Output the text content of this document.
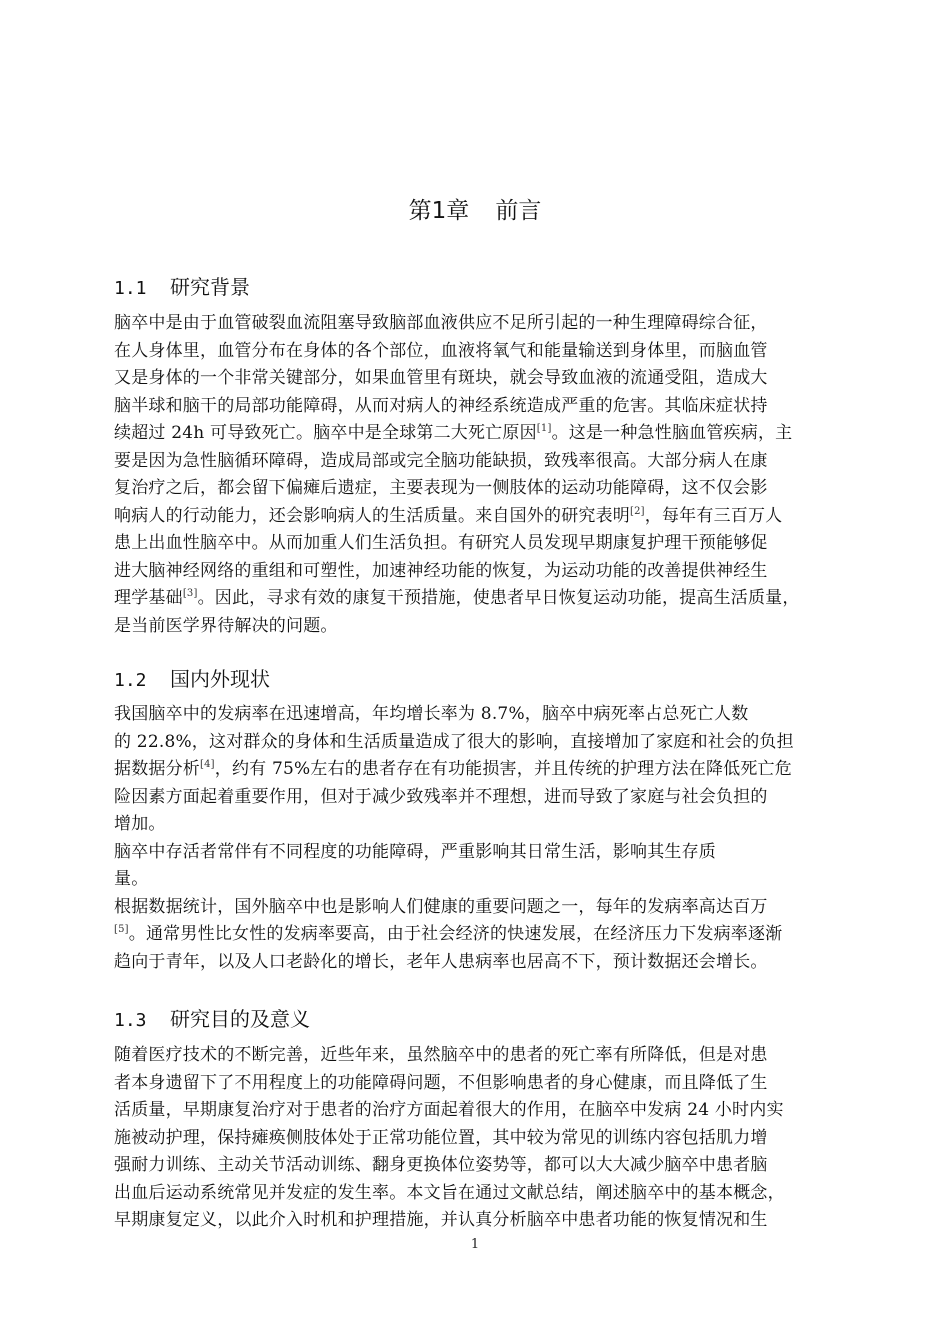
第1章 前言
1.1 研究背景
脑卒中是由于血管破裂血流阻塞导致脑部血液供应不足所引起的一种生理障碍综合征，
在人身体里，血管分布在身体的各个部位，血液将氧气和能量输送到身体里，而脑血管
又是身体的一个非常关键部分，如果血管里有斑块，就会导致血液的流通受阻，造成大
脑半球和脑干的局部功能障碍，从而对病人的神经系统造成严重的危害。其临床症状持
续超过 24h 可导致死亡。脑卒中是全球第二大死亡原因[1]。这是一种急性脑血管疾病，主
要是因为急性脑循环障碍，造成局部或完全脑功能缺损，致残率很高。大部分病人在康
复治疗之后，都会留下偏瘫后遗症，主要表现为一侧肢体的运动功能障碍，这不仅会影
响病人的行动能力，还会影响病人的生活质量。来自国外的研究表明[2]，每年有三百万人
患上出血性脑卒中。从而加重人们生活负担。有研究人员发现早期康复护理干预能够促
进大脑神经网络的重组和可塑性，加速神经功能的恢复，为运动功能的改善提供神经生
理学基础[3]。因此，寻求有效的康复干预措施，使患者早日恢复运动功能，提高生活质量，
是当前医学界待解决的问题。
1.2 国内外现状
我国脑卒中的发病率在迅速增高，年均增长率为 8.7%，脑卒中病死率占总死亡人数
的 22.8%，这对群众的身体和生活质量造成了很大的影响，直接增加了家庭和社会的负担
据数据分析[4]，约有 75%左右的患者存在有功能损害，并且传统的护理方法在降低死亡危
险因素方面起着重要作用，但对于减少致残率并不理想，进而导致了家庭与社会负担的
增加。
脑卒中存活者常伴有不同程度的功能障碍，严重影响其日常生活，影响其生存质
量。
根据数据统计，国外脑卒中也是影响人们健康的重要问题之一，每年的发病率高达百万
[5]。通常男性比女性的发病率要高，由于社会经济的快速发展，在经济压力下发病率逐渐
趋向于青年，以及人口老龄化的增长，老年人患病率也居高不下，预计数据还会增长。
1.3 研究目的及意义
随着医疗技术的不断完善，近些年来，虽然脑卒中的患者的死亡率有所降低，但是对患
者本身遗留下了不用程度上的功能障碍问题，不但影响患者的身心健康，而且降低了生
活质量，早期康复治疗对于患者的治疗方面起着很大的作用，在脑卒中发病 24 小时内实
施被动护理，保持瘫痪侧肢体处于正常功能位置，其中较为常见的训练内容包括肌力增
强耐力训练、主动关节活动训练、翻身更换体位姿势等，都可以大大减少脑卒中患者脑
出血后运动系统常见并发症的发生率。本文旨在通过文献总结，阐述脑卒中的基本概念，
早期康复定义，以此介入时机和护理措施，并认真分析脑卒中患者功能的恢复情况和生
1
